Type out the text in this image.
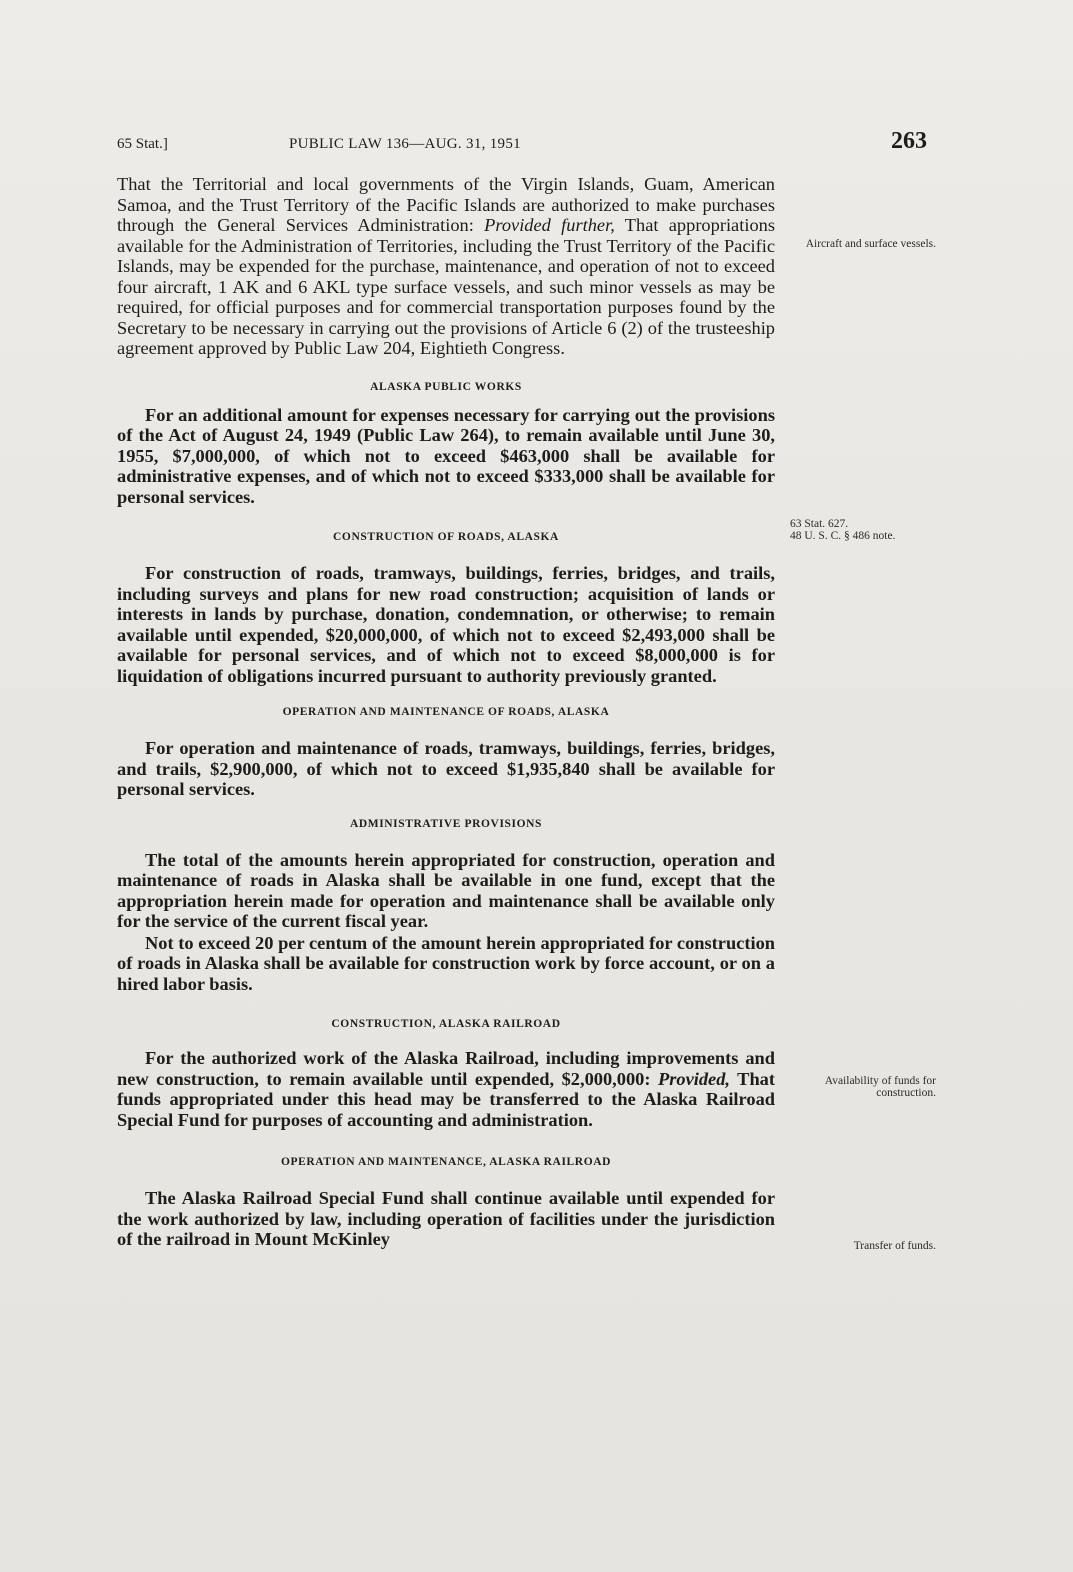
65 Stat.]	PUBLIC LAW 136—AUG. 31, 1951	263

That the Territorial and local governments of the Virgin Islands, Guam, American Samoa, and the Trust Territory of the Pacific Islands are authorized to make purchases through the General Services Administration: Provided further, That appropriations available for the Administration of Territories, including the Trust Territory of the Pacific Islands, may be expended for the purchase, maintenance, and operation of not to exceed four aircraft, 1 AK and 6 AKL type surface vessels, and such minor vessels as may be required, for official purposes and for commercial transportation purposes found by the Secretary to be necessary in carrying out the provisions of Article 6 (2) of the trusteeship agreement approved by Public Law 204, Eightieth Congress.

ALASKA PUBLIC WORKS

For an additional amount for expenses necessary for carrying out the provisions of the Act of August 24, 1949 (Public Law 264), to remain available until June 30, 1955, $7,000,000, of which not to exceed $463,000 shall be available for administrative expenses, and of which not to exceed $333,000 shall be available for personal services.

CONSTRUCTION OF ROADS, ALASKA

For construction of roads, tramways, buildings, ferries, bridges, and trails, including surveys and plans for new road construction; acquisition of lands or interests in lands by purchase, donation, condemnation, or otherwise; to remain available until expended, $20,000,000, of which not to exceed $2,493,000 shall be available for personal services, and of which not to exceed $8,000,000 is for liquidation of obligations incurred pursuant to authority previously granted.

OPERATION AND MAINTENANCE OF ROADS, ALASKA

For operation and maintenance of roads, tramways, buildings, ferries, bridges, and trails, $2,900,000, of which not to exceed $1,935,840 shall be available for personal services.

ADMINISTRATIVE PROVISIONS

The total of the amounts herein appropriated for construction, operation and maintenance of roads in Alaska shall be available in one fund, except that the appropriation herein made for operation and maintenance shall be available only for the service of the current fiscal year.

Not to exceed 20 per centum of the amount herein appropriated for construction of roads in Alaska shall be available for construction work by force account, or on a hired labor basis.

CONSTRUCTION, ALASKA RAILROAD

For the authorized work of the Alaska Railroad, including improvements and new construction, to remain available until expended, $2,000,000: Provided, That funds appropriated under this head may be transferred to the Alaska Railroad Special Fund for purposes of accounting and administration.

OPERATION AND MAINTENANCE, ALASKA RAILROAD

The Alaska Railroad Special Fund shall continue available until expended for the work authorized by law, including operation of facilities under the jurisdiction of the railroad in Mount McKinley

Aircraft and surface vessels.
63 Stat. 627.
48 U. S. C. § 486 note.
Availability of funds for construction.
Transfer of funds.
